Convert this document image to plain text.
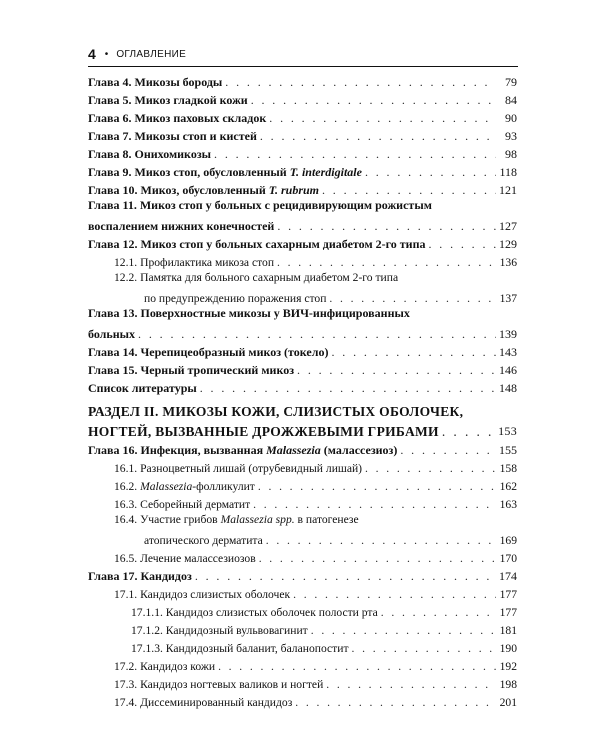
4 • ОГЛАВЛЕНИЕ
Глава 4. Микозы бороды . . .	79
Глава 5. Микоз гладкой кожи . . .	84
Глава 6. Микоз паховых складок . . .	90
Глава 7. Микозы стоп и кистей . . .	93
Глава 8. Онихомикозы . . .	98
Глава 9. Микоз стоп, обусловленный T. interdigitale . . .	118
Глава 10. Микоз, обусловленный T. rubrum . . .	121
Глава 11. Микоз стоп у больных с рецидивирующим рожистым
воспалением нижних конечностей . . .	127
Глава 12. Микоз стоп у больных сахарным диабетом 2-го типа . . .	129
12.1. Профилактика микоза стоп . . .	136
12.2. Памятка для больного сахарным диабетом 2-го типа
по предупреждению поражения стоп . . .	137
Глава 13. Поверхностные микозы у ВИЧ-инфицированных
больных . . .	139
Глава 14. Черепицеобразный микоз (токело) . . .	143
Глава 15. Черный тропический микоз . . .	146
Список литературы . . .	148
РАЗДЕЛ II. МИКОЗЫ КОЖИ, СЛИЗИСТЫХ ОБОЛОЧЕК,
НОГТЕЙ, ВЫЗВАННЫЕ ДРОЖЖЕВЫМИ ГРИБАМИ . . .	153
Глава 16. Инфекция, вызванная Malassezia (малассезиоз) . . .	155
16.1. Разноцветный лишай (отрубевидный лишай) . . .	158
16.2. Malassezia-фолликулит . . .	162
16.3. Себорейный дерматит . . .	163
16.4. Участие грибов Malassezia spp. в патогенезе
атопического дерматита . . .	169
16.5. Лечение малассезиозов . . .	170
Глава 17. Кандидоз . . .	174
17.1. Кандидоз слизистых оболочек . . .	177
17.1.1. Кандидоз слизистых оболочек полости рта . . .	177
17.1.2. Кандидозный вульвовагинит . . .	181
17.1.3. Кандидозный баланит, баланопостит . . .	190
17.2. Кандидоз кожи . . .	192
17.3. Кандидоз ногтевых валиков и ногтей . . .	198
17.4. Диссеминированный кандидоз . . .	201
